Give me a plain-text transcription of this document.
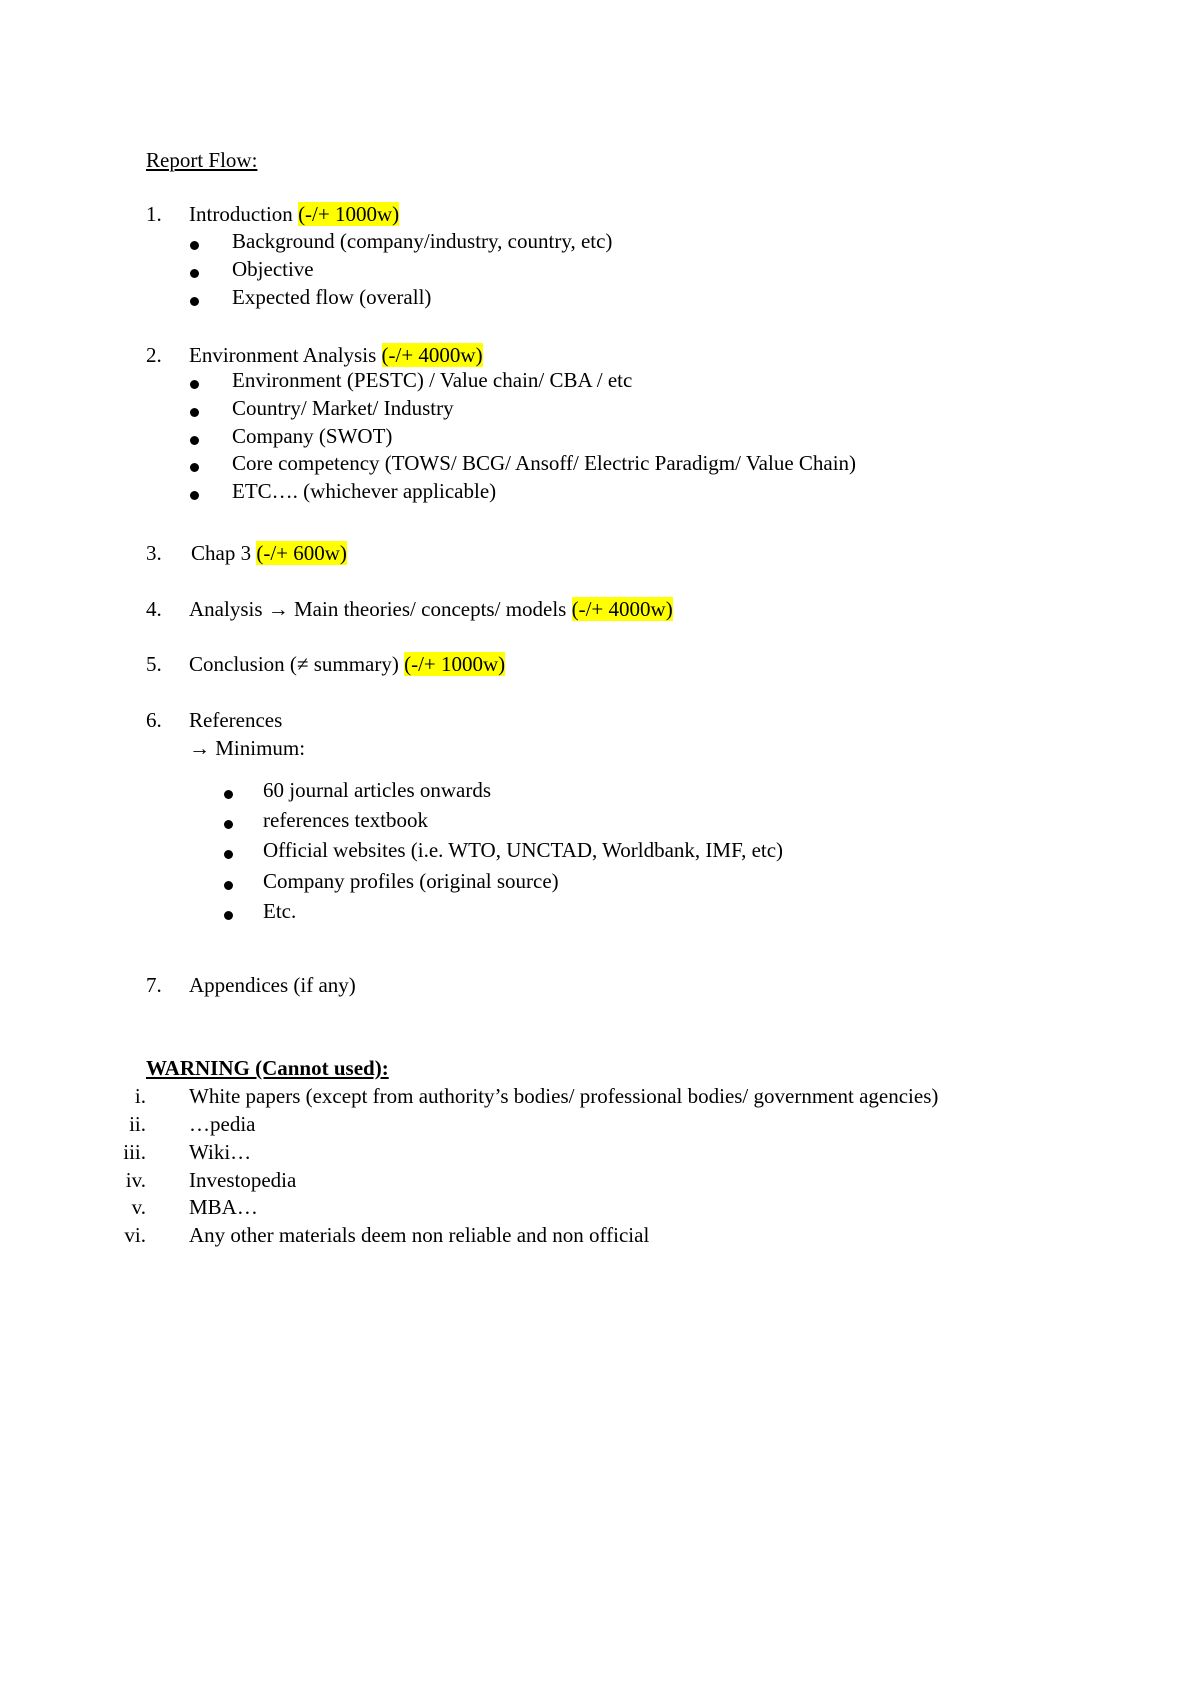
Report Flow:
1. Introduction (-/+ 1000w)
Background (company/industry, country, etc)
Objective
Expected flow (overall)
2. Environment Analysis (-/+ 4000w)
Environment (PESTC) / Value chain/ CBA / etc
Country/ Market/ Industry
Company (SWOT)
Core competency (TOWS/ BCG/ Ansoff/ Electric Paradigm/ Value Chain)
ETC…. (whichever applicable)
3. Chap 3 (-/+ 600w)
4. Analysis → Main theories/ concepts/ models (-/+ 4000w)
5. Conclusion (≠ summary) (-/+ 1000w)
6. References
→ Minimum:
60 journal articles onwards
references textbook
Official websites (i.e. WTO, UNCTAD, Worldbank, IMF, etc)
Company profiles (original source)
Etc.
7. Appendices (if any)
WARNING (Cannot used):
i. White papers (except from authority’s bodies/ professional bodies/ government agencies)
ii. …pedia
iii. Wiki…
iv. Investopedia
v. MBA…
vi. Any other materials deem non reliable and non official
